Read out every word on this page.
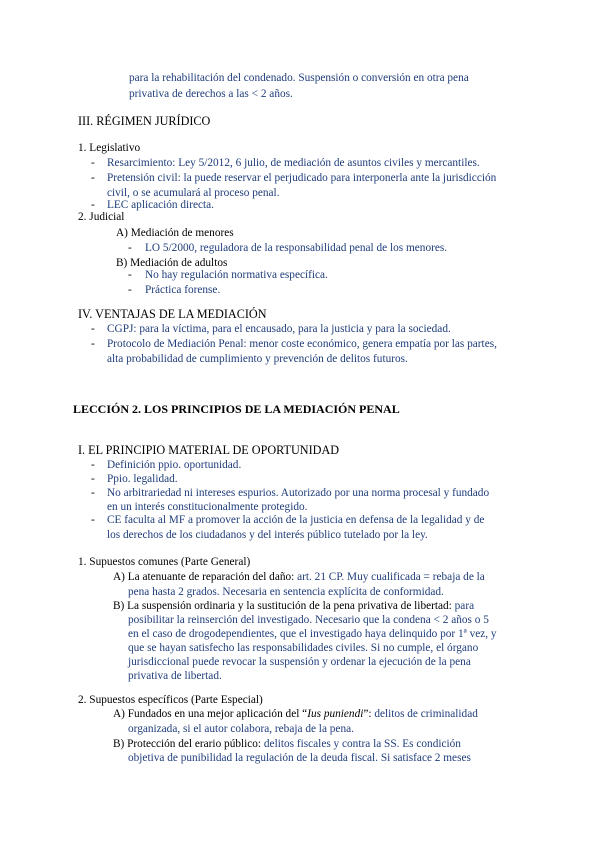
para la rehabilitación del condenado. Suspensión o conversión en otra pena
privativa de derechos a las < 2 años.
III. RÉGIMEN JURÍDICO
1. Legislativo
- Resarcimiento: Ley 5/2012, 6 julio, de mediación de asuntos civiles y mercantiles.
- Pretensión civil: la puede reservar el perjudicado para interponerla ante la jurisdicción
civil, o se acumulará al proceso penal.
- LEC aplicación directa.
2. Judicial
A) Mediación de menores
- LO 5/2000, reguladora de la responsabilidad penal de los menores.
B) Mediación de adultos
- No hay regulación normativa específica.
- Práctica forense.
IV. VENTAJAS DE LA MEDIACIÓN
- CGPJ: para la víctima, para el encausado, para la justicia y para la sociedad.
- Protocolo de Mediación Penal: menor coste económico, genera empatía por las partes,
alta probabilidad de cumplimiento y prevención de delitos futuros.
LECCIÓN 2. LOS PRINCIPIOS DE LA MEDIACIÓN PENAL
I. EL PRINCIPIO MATERIAL DE OPORTUNIDAD
- Definición ppio. oportunidad.
- Ppio. legalidad.
- No arbitrariedad ni intereses espurios. Autorizado por una norma procesal y fundado
en un interés constitucionalmente protegido.
- CE faculta al MF a promover la acción de la justicia en defensa de la legalidad y de
los derechos de los ciudadanos y del interés público tutelado por la ley.
1. Supuestos comunes (Parte General)
A) La atenuante de reparación del daño: art. 21 CP. Muy cualificada = rebaja de la
pena hasta 2 grados. Necesaria en sentencia explícita de conformidad.
B) La suspensión ordinaria y la sustitución de la pena privativa de libertad: para
posibilitar la reinserción del investigado. Necesario que la condena < 2 años o 5
en el caso de drogodependientes, que el investigado haya delinquido por 1ª vez, y
que se hayan satisfecho las responsabilidades civiles. Si no cumple, el órgano
jurisdiccional puede revocar la suspensión y ordenar la ejecución de la pena
privativa de libertad.
2. Supuestos específicos (Parte Especial)
A) Fundados en una mejor aplicación del “Ius puniendi”: delitos de criminalidad
organizada, si el autor colabora, rebaja de la pena.
B) Protección del erario público: delitos fiscales y contra la SS. Es condición
objetiva de punibilidad la regulación de la deuda fiscal. Si satisface 2 meses
